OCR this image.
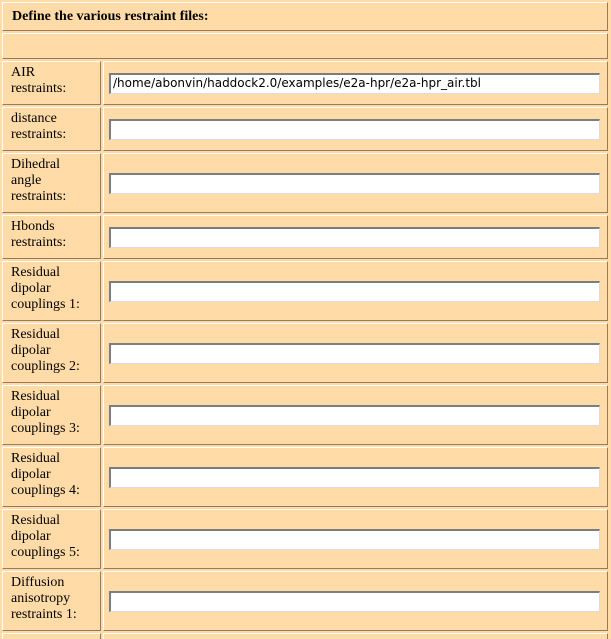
Define the various restraint files:
AIR
restraints:	/home/abonvin/haddock2.0/examples/e2a-hpr/e2a-hpr_air.tbl
distance
restraints:
Dihedral
angle
restraints:
Hbonds
restraints:
Residual
dipolar
couplings 1:
Residual
dipolar
couplings 2:
Residual
dipolar
couplings 3:
Residual
dipolar
couplings 4:
Residual
dipolar
couplings 5:
Diffusion
anisotropy
restraints 1:
